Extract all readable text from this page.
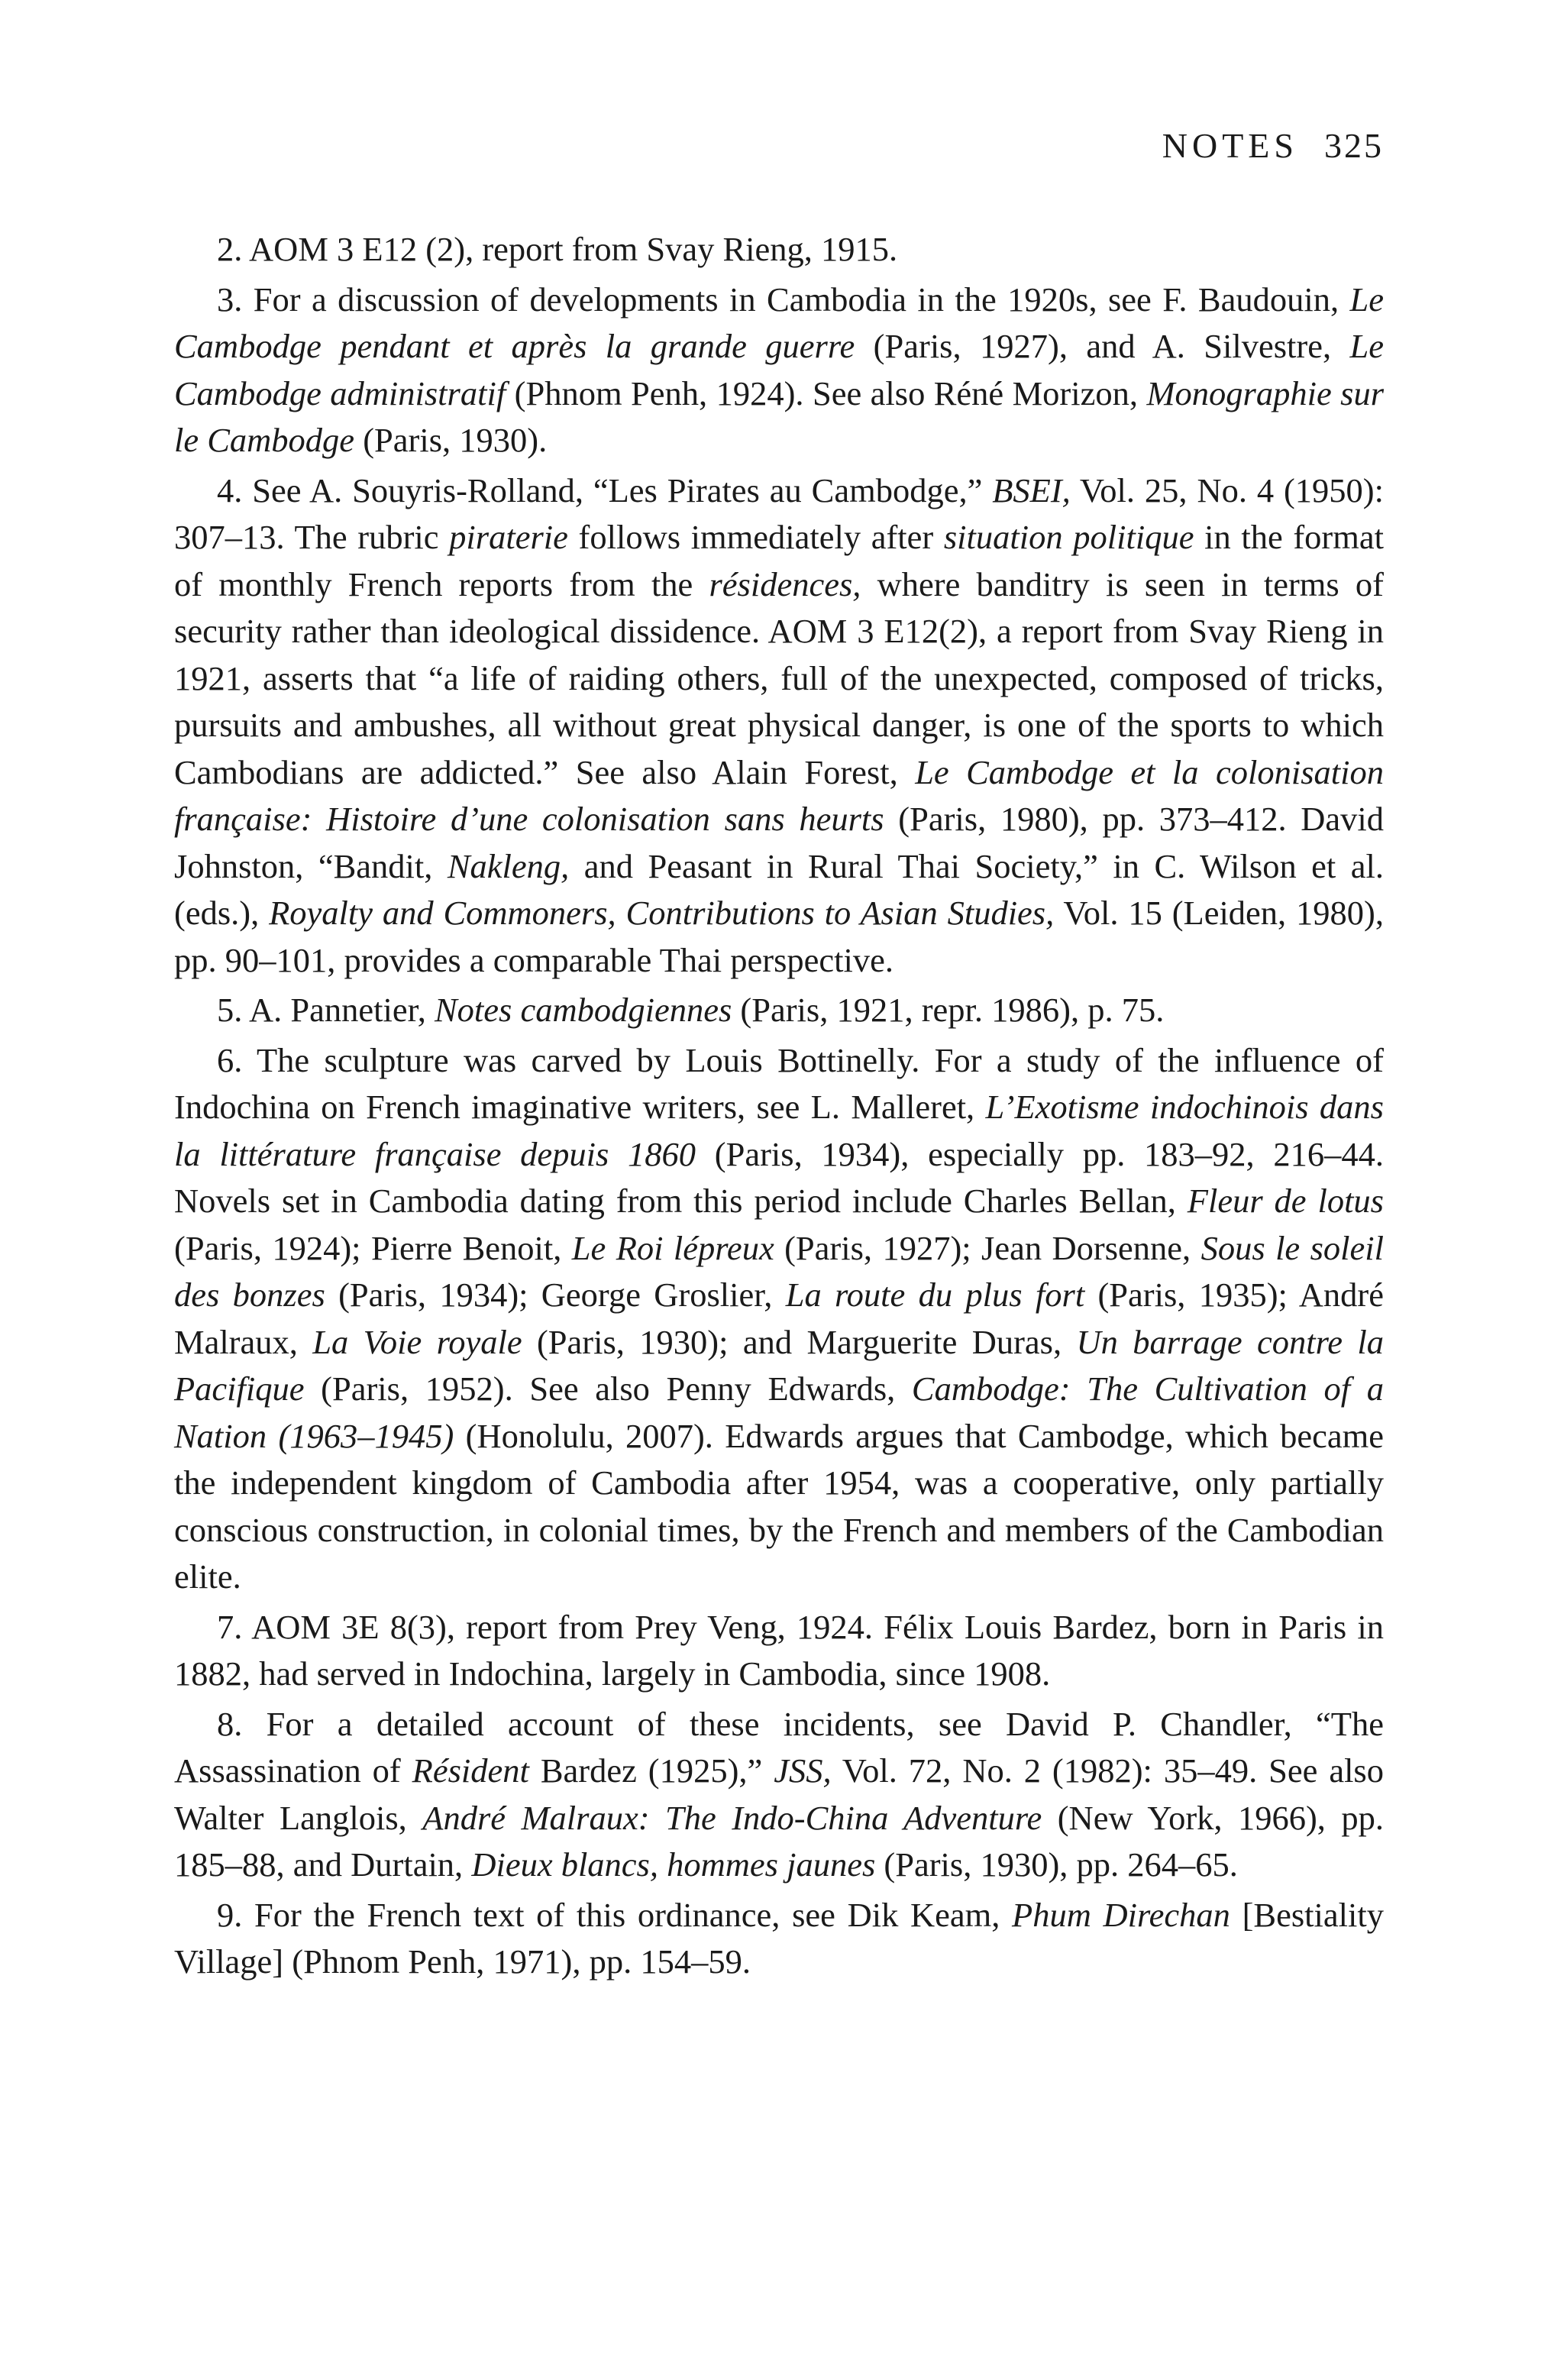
NOTES 325

2. AOM 3 E12 (2), report from Svay Rieng, 1915.

3. For a discussion of developments in Cambodia in the 1920s, see F. Baudouin, Le Cambodge pendant et après la grande guerre (Paris, 1927), and A. Silvestre, Le Cambodge administratif (Phnom Penh, 1924). See also Réné Morizon, Monographie sur le Cambodge (Paris, 1930).

4. See A. Souyris-Rolland, “Les Pirates au Cambodge,” BSEI, Vol. 25, No. 4 (1950): 307–13. The rubric piraterie follows immediately after situation politique in the format of monthly French reports from the résidences, where banditry is seen in terms of security rather than ideological dissidence. AOM 3 E12(2), a report from Svay Rieng in 1921, asserts that “a life of raiding others, full of the unexpected, composed of tricks, pursuits and ambushes, all without great physical danger, is one of the sports to which Cambodians are addicted.” See also Alain Forest, Le Cambodge et la colonisation française: Histoire d’une colonisation sans heurts (Paris, 1980), pp. 373–412. David Johnston, “Bandit, Nakleng, and Peasant in Rural Thai Society,” in C. Wilson et al. (eds.), Royalty and Commoners, Contributions to Asian Studies, Vol. 15 (Leiden, 1980), pp. 90–101, provides a comparable Thai perspective.

5. A. Pannetier, Notes cambodgiennes (Paris, 1921, repr. 1986), p. 75.

6. The sculpture was carved by Louis Bottinelly. For a study of the influence of Indochina on French imaginative writers, see L. Malleret, L’Exotisme indochinois dans la littérature française depuis 1860 (Paris, 1934), especially pp. 183–92, 216–44. Novels set in Cambodia dating from this period include Charles Bellan, Fleur de lotus (Paris, 1924); Pierre Benoit, Le Roi lépreux (Paris, 1927); Jean Dorsenne, Sous le soleil des bonzes (Paris, 1934); George Groslier, La route du plus fort (Paris, 1935); André Malraux, La Voie royale (Paris, 1930); and Marguerite Duras, Un barrage contre la Pacifique (Paris, 1952). See also Penny Edwards, Cambodge: The Cultivation of a Nation (1963–1945) (Honolulu, 2007). Edwards argues that Cambodge, which became the independent kingdom of Cambodia after 1954, was a cooperative, only partially conscious construction, in colonial times, by the French and members of the Cambodian elite.

7. AOM 3E 8(3), report from Prey Veng, 1924. Félix Louis Bardez, born in Paris in 1882, had served in Indochina, largely in Cambodia, since 1908.

8. For a detailed account of these incidents, see David P. Chandler, “The Assassination of Résident Bardez (1925),” JSS, Vol. 72, No. 2 (1982): 35–49. See also Walter Langlois, André Malraux: The Indo-China Adventure (New York, 1966), pp. 185–88, and Durtain, Dieux blancs, hommes jaunes (Paris, 1930), pp. 264–65.

9. For the French text of this ordinance, see Dik Keam, Phum Direchan [Bestiality Village] (Phnom Penh, 1971), pp. 154–59.
